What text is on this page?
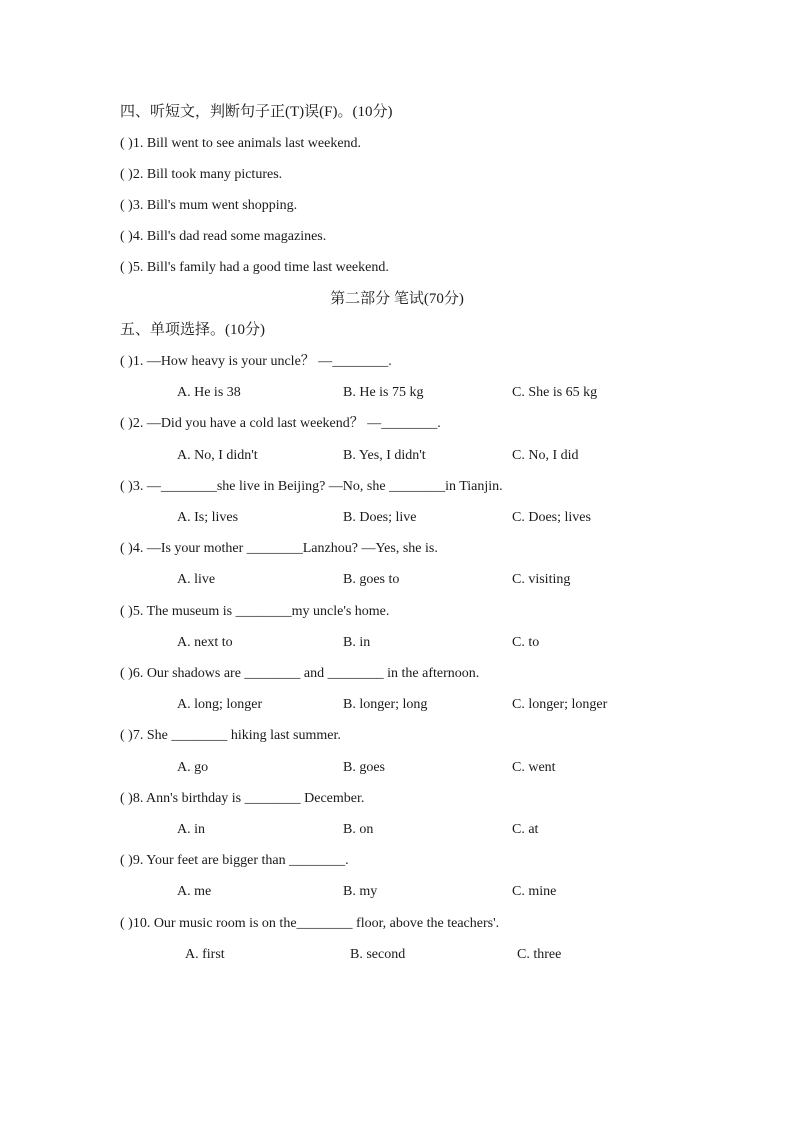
四、听短文，判断句子正(T)误(F)。(10分)
( )1. Bill went to see animals last weekend.
( )2. Bill took many pictures.
( )3. Bill's mum went shopping.
( )4. Bill's dad read some magazines.
( )5. Bill's family had a good time last weekend.
第二部分 笔试(70分)
五、单项选择。(10分)
( )1. —How heavy is your uncle？ —________.
A. He is 38	B. He is 75 kg	C. She is 65 kg
( )2. —Did you have a cold last weekend？ —________.
A. No, I didn't	B. Yes, I didn't	C. No, I did
( )3. —________she live in Beijing? —No, she ________in Tianjin.
A. Is; lives	B. Does; live	C. Does; lives
( )4. —Is your mother ________Lanzhou? —Yes, she is.
A. live	B. goes to	C. visiting
( )5. The museum is ________my uncle's home.
A. next to	B. in	C. to
( )6. Our shadows are ________ and ________ in the afternoon.
A. long; longer	B. longer; long	C. longer; longer
( )7. She ________ hiking last summer.
A. go	B. goes	C. went
( )8. Ann's birthday is ________ December.
A. in	B. on	C. at
( )9. Your feet are bigger than ________.
A. me	B. my	C. mine
( )10. Our music room is on the________ floor, above the teachers'.
A. first	B. second	C. three
